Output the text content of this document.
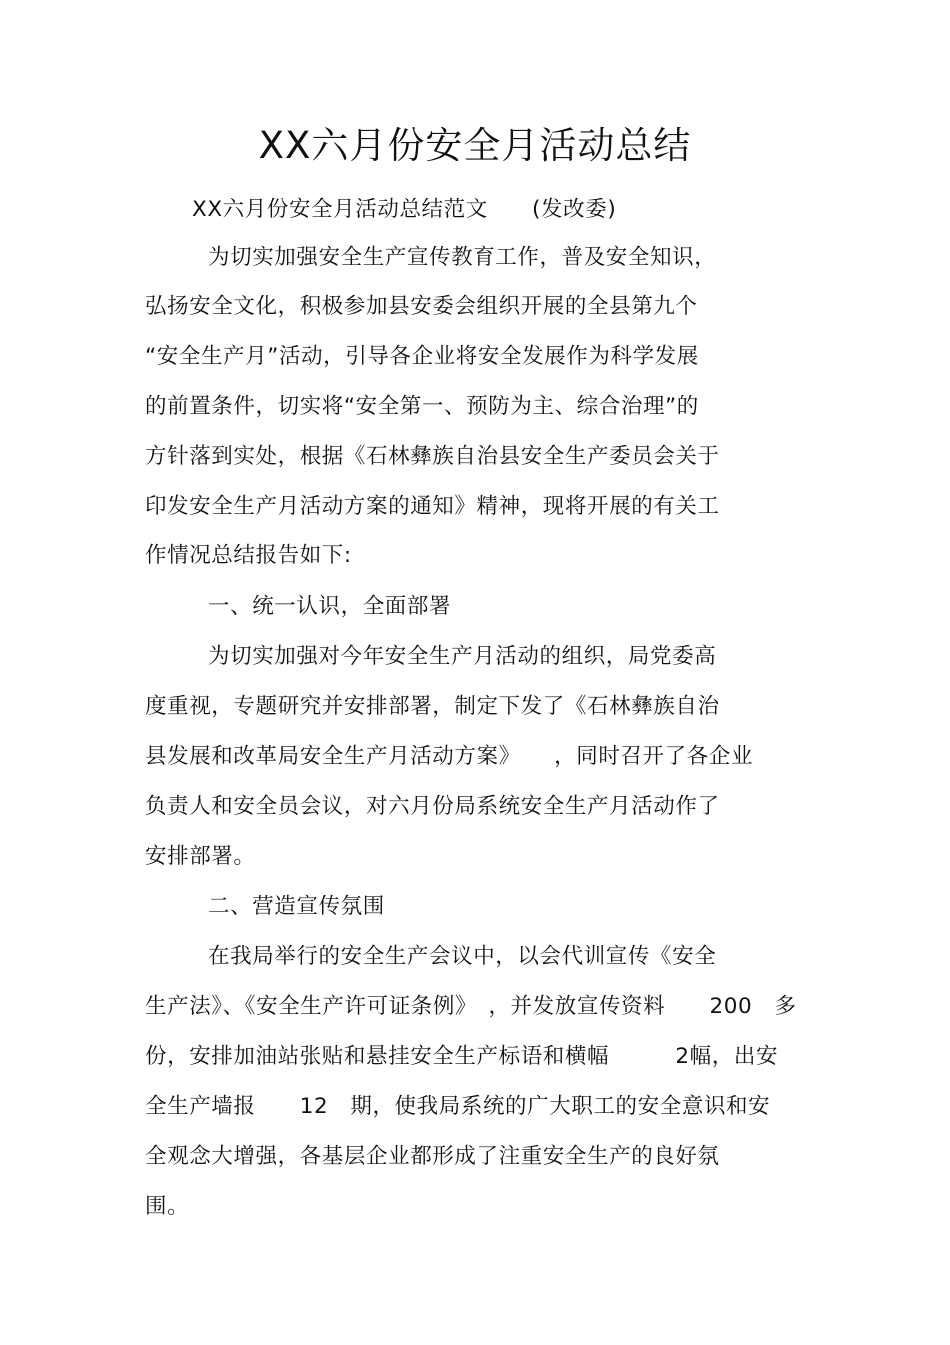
XX六月份安全月活动总结

XX六月份安全月活动总结范文　　(发改委)

为切实加强安全生产宣传教育工作，普及安全知识，

弘扬安全文化，积极参加县安委会组织开展的全县第九个

“安全生产月”活动，引导各企业将安全发展作为科学发展

的前置条件，切实将“安全第一、预防为主、综合治理”的

方针落到实处，根据《石林彝族自治县安全生产委员会关于

印发安全生产月活动方案的通知》精神，现将开展的有关工

作情况总结报告如下:

一、统一认识，全面部署

为切实加强对今年安全生产月活动的组织，局党委高

度重视，专题研究并安排部署，制定下发了《石林彝族自治

县发展和改革局安全生产月活动方案》　　，同时召开了各企业

负责人和安全员会议，对六月份局系统安全生产月活动作了

安排部署。

二、营造宣传氛围

在我局举行的安全生产会议中，以会代训宣传《安全

生产法》、《安全生产许可证条例》　，并发放宣传资料　　200　多

份，安排加油站张贴和悬挂安全生产标语和横幅　　　2幅，出安

全生产墙报　　12　期，使我局系统的广大职工的安全意识和安

全观念大增强，各基层企业都形成了注重安全生产的良好氛

围。
